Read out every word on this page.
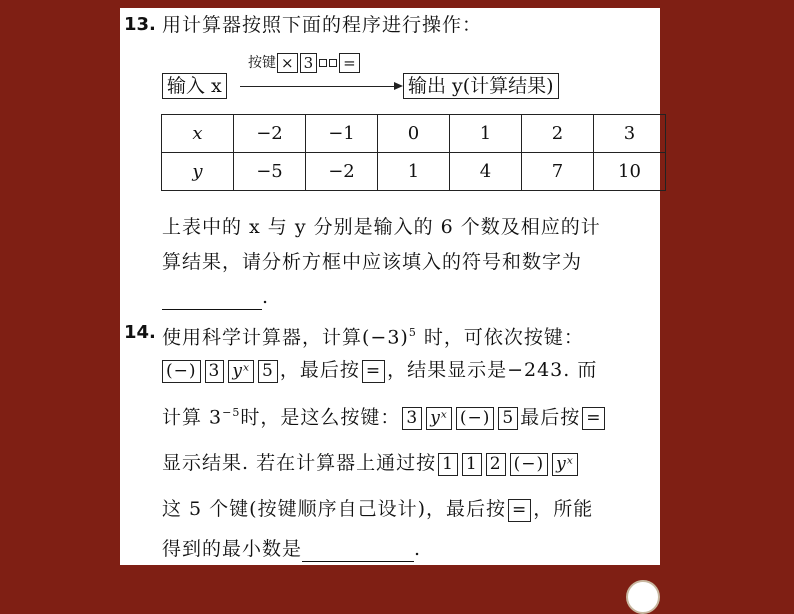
13. 用计算器按照下面的程序进行操作：
按键 × 3 =
输入 x	输出 y(计算结果)
x	−2	−1	0	1	2	3
y	−5	−2	1	4	7	10
上表中的 x 与 y 分别是输入的 6 个数及相应的计
算结果，请分析方框中应该填入的符号和数字为
.
14. 使用科学计算器，计算$(-3)^5$ 时，可依次按键：
(−) 3 yˣ 5 ，最后按 = ，结果显示是−243. 而
计算 $3^{-5}$时，是这么按键： 3 yˣ (−) 5 最后按 =
显示结果. 若在计算器上通过按 1 1 2 (−) yˣ
这 5 个键(按键顺序自己设计)，最后按 = ，所能
得到的最小数是	.
